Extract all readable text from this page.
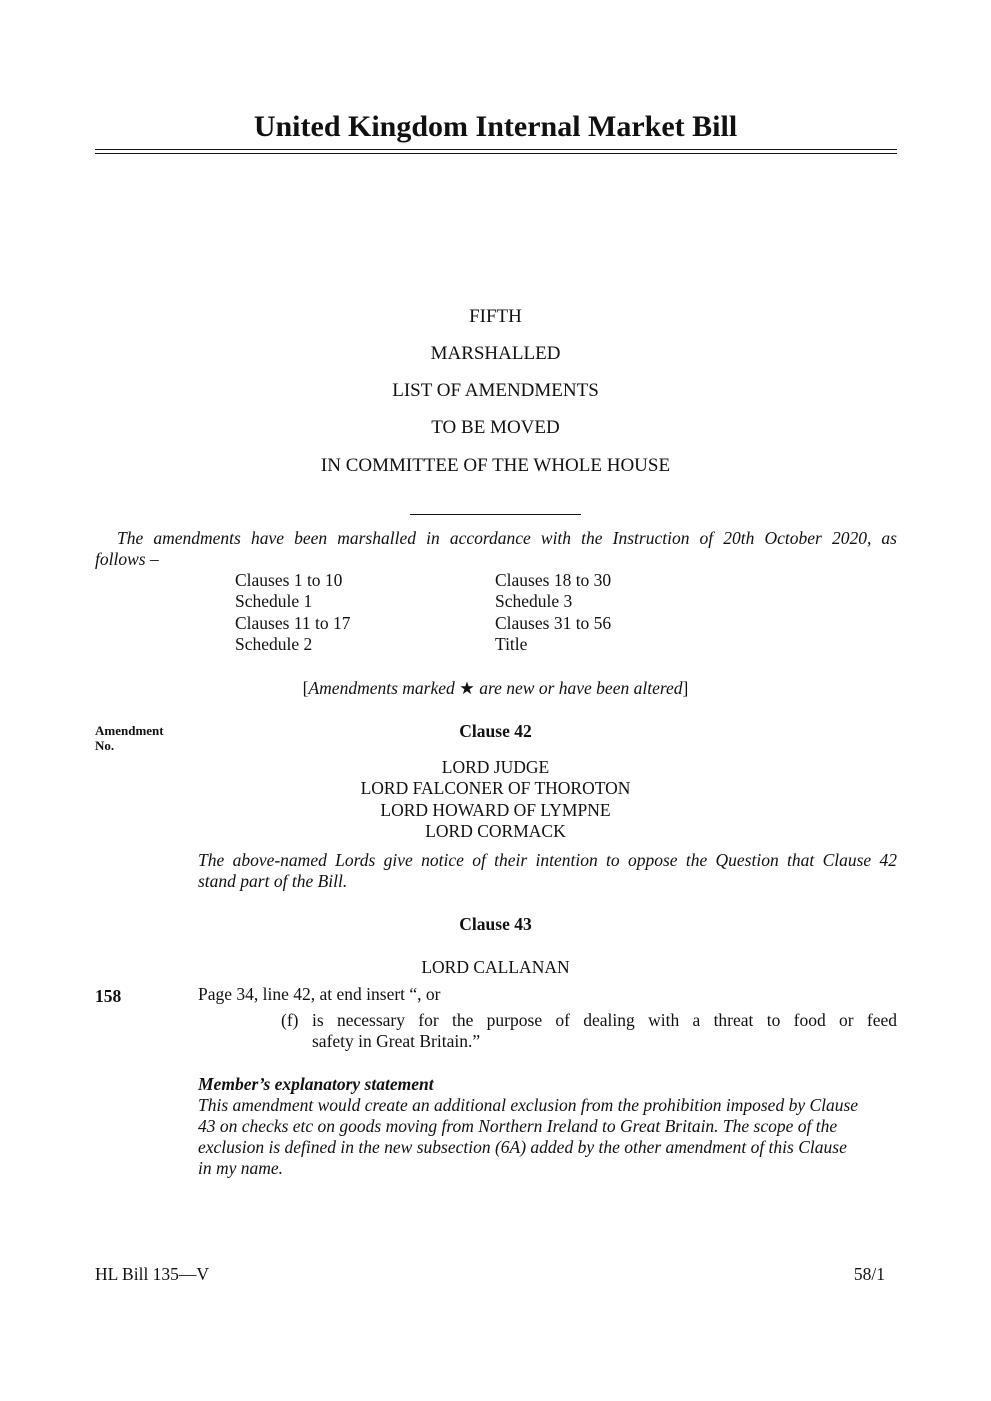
United Kingdom Internal Market Bill
FIFTH
MARSHALLED
LIST OF AMENDMENTS
TO BE MOVED
IN COMMITTEE OF THE WHOLE HOUSE
The amendments have been marshalled in accordance with the Instruction of 20th October 2020, as
follows –
Clauses 1 to 10
Schedule 1
Clauses 11 to 17
Schedule 2
Clauses 18 to 30
Schedule 3
Clauses 31 to 56
Title
[Amendments marked ★ are new or have been altered]
Amendment
No.
Clause 42
LORD JUDGE
LORD FALCONER OF THOROTON
LORD HOWARD OF LYMPNE
LORD CORMACK
The above-named Lords give notice of their intention to oppose the Question that Clause 42
stand part of the Bill.
Clause 43
LORD CALLANAN
158	Page 34, line 42, at end insert “, or
(f) is necessary for the purpose of dealing with a threat to food or feed
safety in Great Britain.”
Member’s explanatory statement
This amendment would create an additional exclusion from the prohibition imposed by Clause
43 on checks etc on goods moving from Northern Ireland to Great Britain. The scope of the
exclusion is defined in the new subsection (6A) added by the other amendment of this Clause
in my name.
HL Bill 135—V	58/1
